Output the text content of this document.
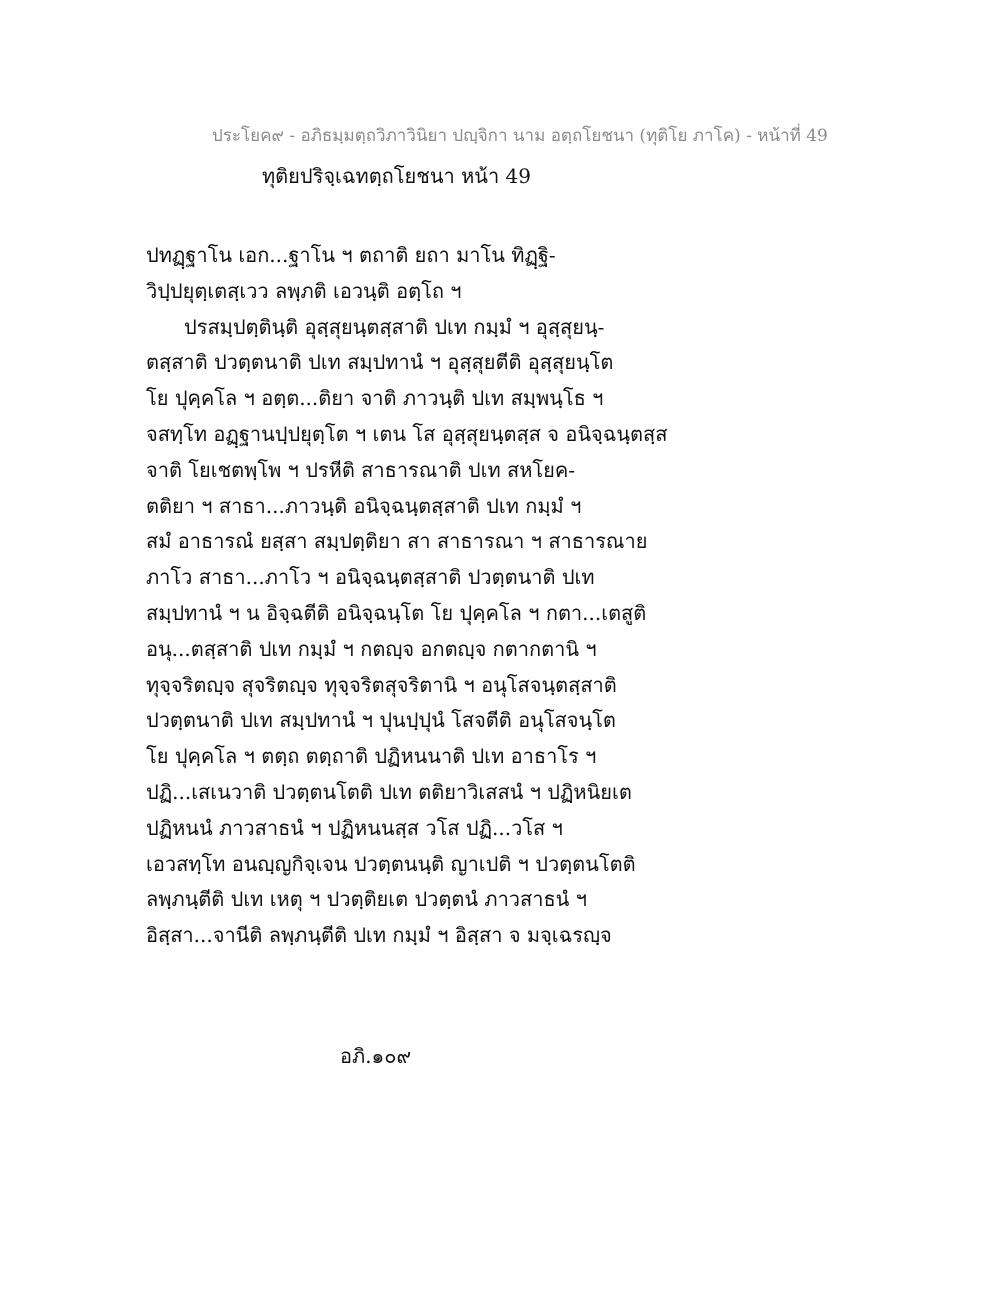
ประโยค๙ - อภิธมฺมตฺถวิภาวินิยา ปญฺจิกา นาม อตฺถโยชนา (ทุติโย ภาโค) - หน้าที่ 49
ทุติยปริจฺเฉทตฺถโยชนา หน้า 49
ปทฏฺฐาโน เอก...ฐาโน ฯ ตถาติ ยถา มาโน ทิฏฺฐิ-
วิปฺปยุตฺเตสฺเวว ลพฺภติ เอวนฺติ อตฺโถ ฯ
ปรสมฺปตฺตินฺติ อุสฺสุยนฺตสฺสาติ ปเท กมฺมํ ฯ อุสฺสุยนฺ-
ตสฺสาติ ปวตฺตนาติ ปเท สมฺปทานํ ฯ อุสฺสุยตีติ อุสฺสุยนฺโต
โย ปุคฺคโล ฯ อตฺต...ติยา จาติ ภาวนฺติ ปเท สมฺพนฺโธ ฯ
จสทฺโท อฏฺฐานปฺปยุตฺโต ฯ เตน โส อุสฺสุยนฺตสฺส จ อนิจฺฉนฺตสฺส
จาติ โยเชตพฺโพ ฯ ปรหีติ สาธารณาติ ปเท สหโยค-
ตติยา ฯ สาธา...ภาวนฺติ อนิจฺฉนฺตสฺสาติ ปเท กมฺมํ ฯ
สมํ อาธารณํ ยสฺสา สมฺปตฺติยา สา สาธารณา ฯ สาธารณาย
ภาโว สาธา...ภาโว ฯ อนิจฺฉนฺตสฺสาติ ปวตฺตนาติ ปเท
สมฺปทานํ ฯ น อิจฺฉตีติ อนิจฺฉนฺโต โย ปุคฺคโล ฯ กตา...เตสูติ
อนุ...ตสฺสาติ ปเท กมฺมํ ฯ กตญฺจ อกตญฺจ กตากตานิ ฯ
ทุจฺจริตญฺจ สุจริตญฺจ ทุจฺจริตสุจริตานิ ฯ อนุโสจนฺตสฺสาติ
ปวตฺตนาติ ปเท สมฺปทานํ ฯ ปุนปฺปุนํ โสจตีติ อนุโสจนฺโต
โย ปุคฺคโล ฯ ตตฺถ ตตฺถาติ ปฏิหนนาติ ปเท อาธาโร ฯ
ปฏิ...เสเนวาติ ปวตฺตนโตติ ปเท ตติยาวิเสสนํ ฯ ปฏิหนิยเต
ปฏิหนนํ ภาวสาธนํ ฯ ปฏิหนนสฺส วโส ปฏิ...วโส ฯ
เอวสทฺโท อนญฺญกิจฺเจน ปวตฺตนนฺติ ญาเปติ ฯ ปวตฺตนโตติ
ลพฺภนฺตีติ ปเท เหตุ ฯ ปวตฺติยเต ปวตฺตนํ ภาวสาธนํ ฯ
อิสฺสา...จานีติ ลพฺภนฺตีติ ปเท กมฺมํ ฯ อิสฺสา จ มจฺเฉรญฺจ
อภิ.๑๐๙
